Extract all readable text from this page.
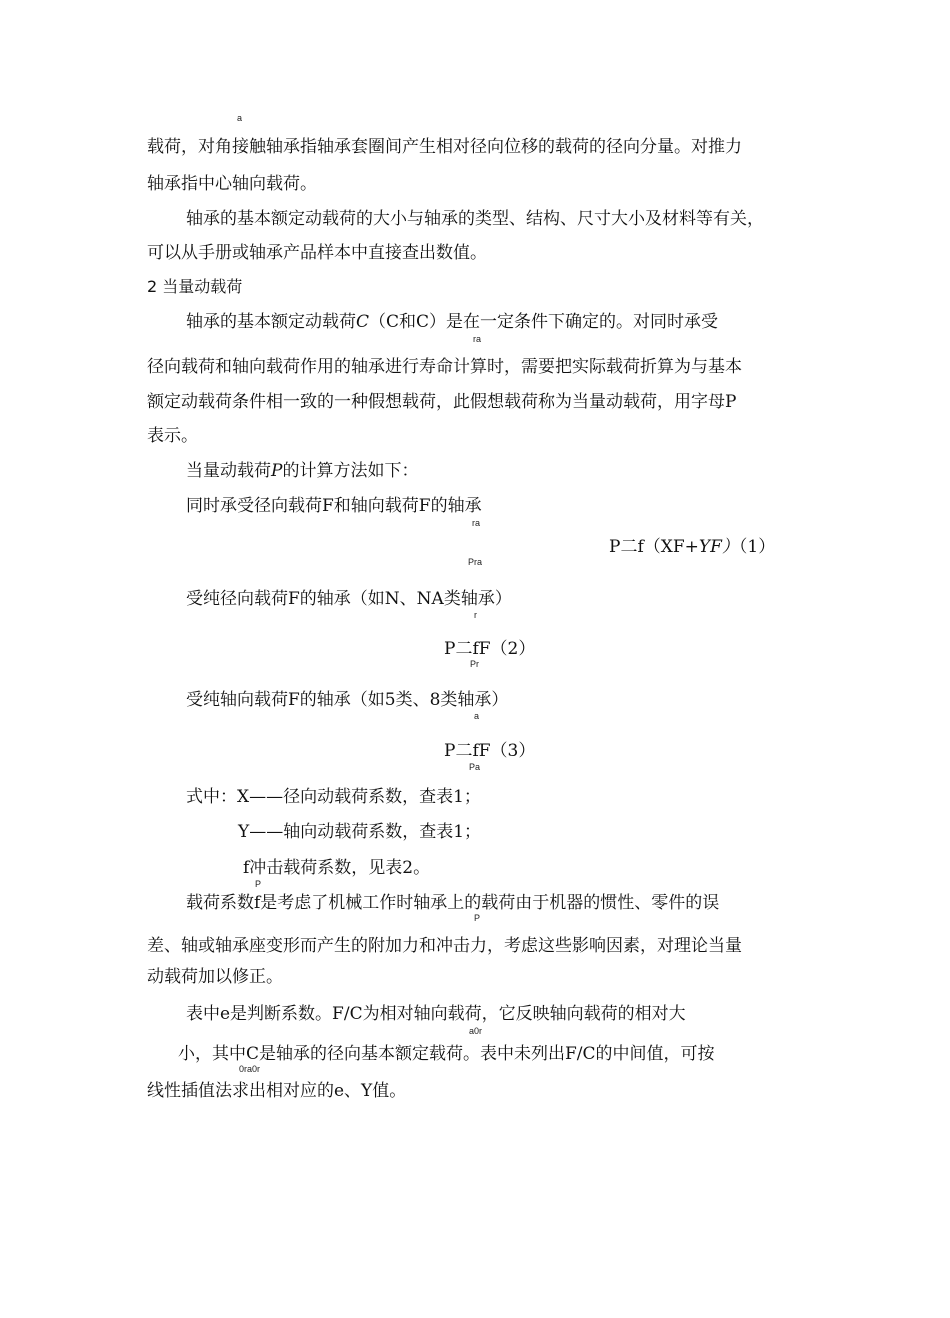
a
载荷，对角接触轴承指轴承套圈间产生相对径向位移的载荷的径向分量。对推力
轴承指中心轴向载荷。
轴承的基本额定动载荷的大小与轴承的类型、结构、尺寸大小及材料等有关，
可以从手册或轴承产品样本中直接查出数值。
2 当量动载荷
轴承的基本额定动载荷C（C和C）是在一定条件下确定的。对同时承受
ra
径向载荷和轴向载荷作用的轴承进行寿命计算时，需要把实际载荷折算为与基本
额定动载荷条件相一致的一种假想载荷，此假想载荷称为当量动载荷，用字母P
表示。
当量动载荷P的计算方法如下：
同时承受径向载荷F和轴向载荷F的轴承
ra
P二f（XF+YF）（1）
Pra
受纯径向载荷F的轴承（如N、NA类轴承）
r
P二fF（2）
Pr
受纯轴向载荷F的轴承（如5类、8类轴承）
a
P二fF（3）
Pa
式中：X——径向动载荷系数，查表1；
Y——轴向动载荷系数，查表1；
f冲击载荷系数，见表2。
P
载荷系数f是考虑了机械工作时轴承上的载荷由于机器的惯性、零件的误
P
差、轴或轴承座变形而产生的附加力和冲击力，考虑这些影响因素，对理论当量
动载荷加以修正。
表中e是判断系数。F/C为相对轴向载荷，它反映轴向载荷的相对大
a0r
小，其中C是轴承的径向基本额定载荷。表中未列出F/C的中间值，可按
0ra0r
线性插值法求出相对应的e、Y值。
